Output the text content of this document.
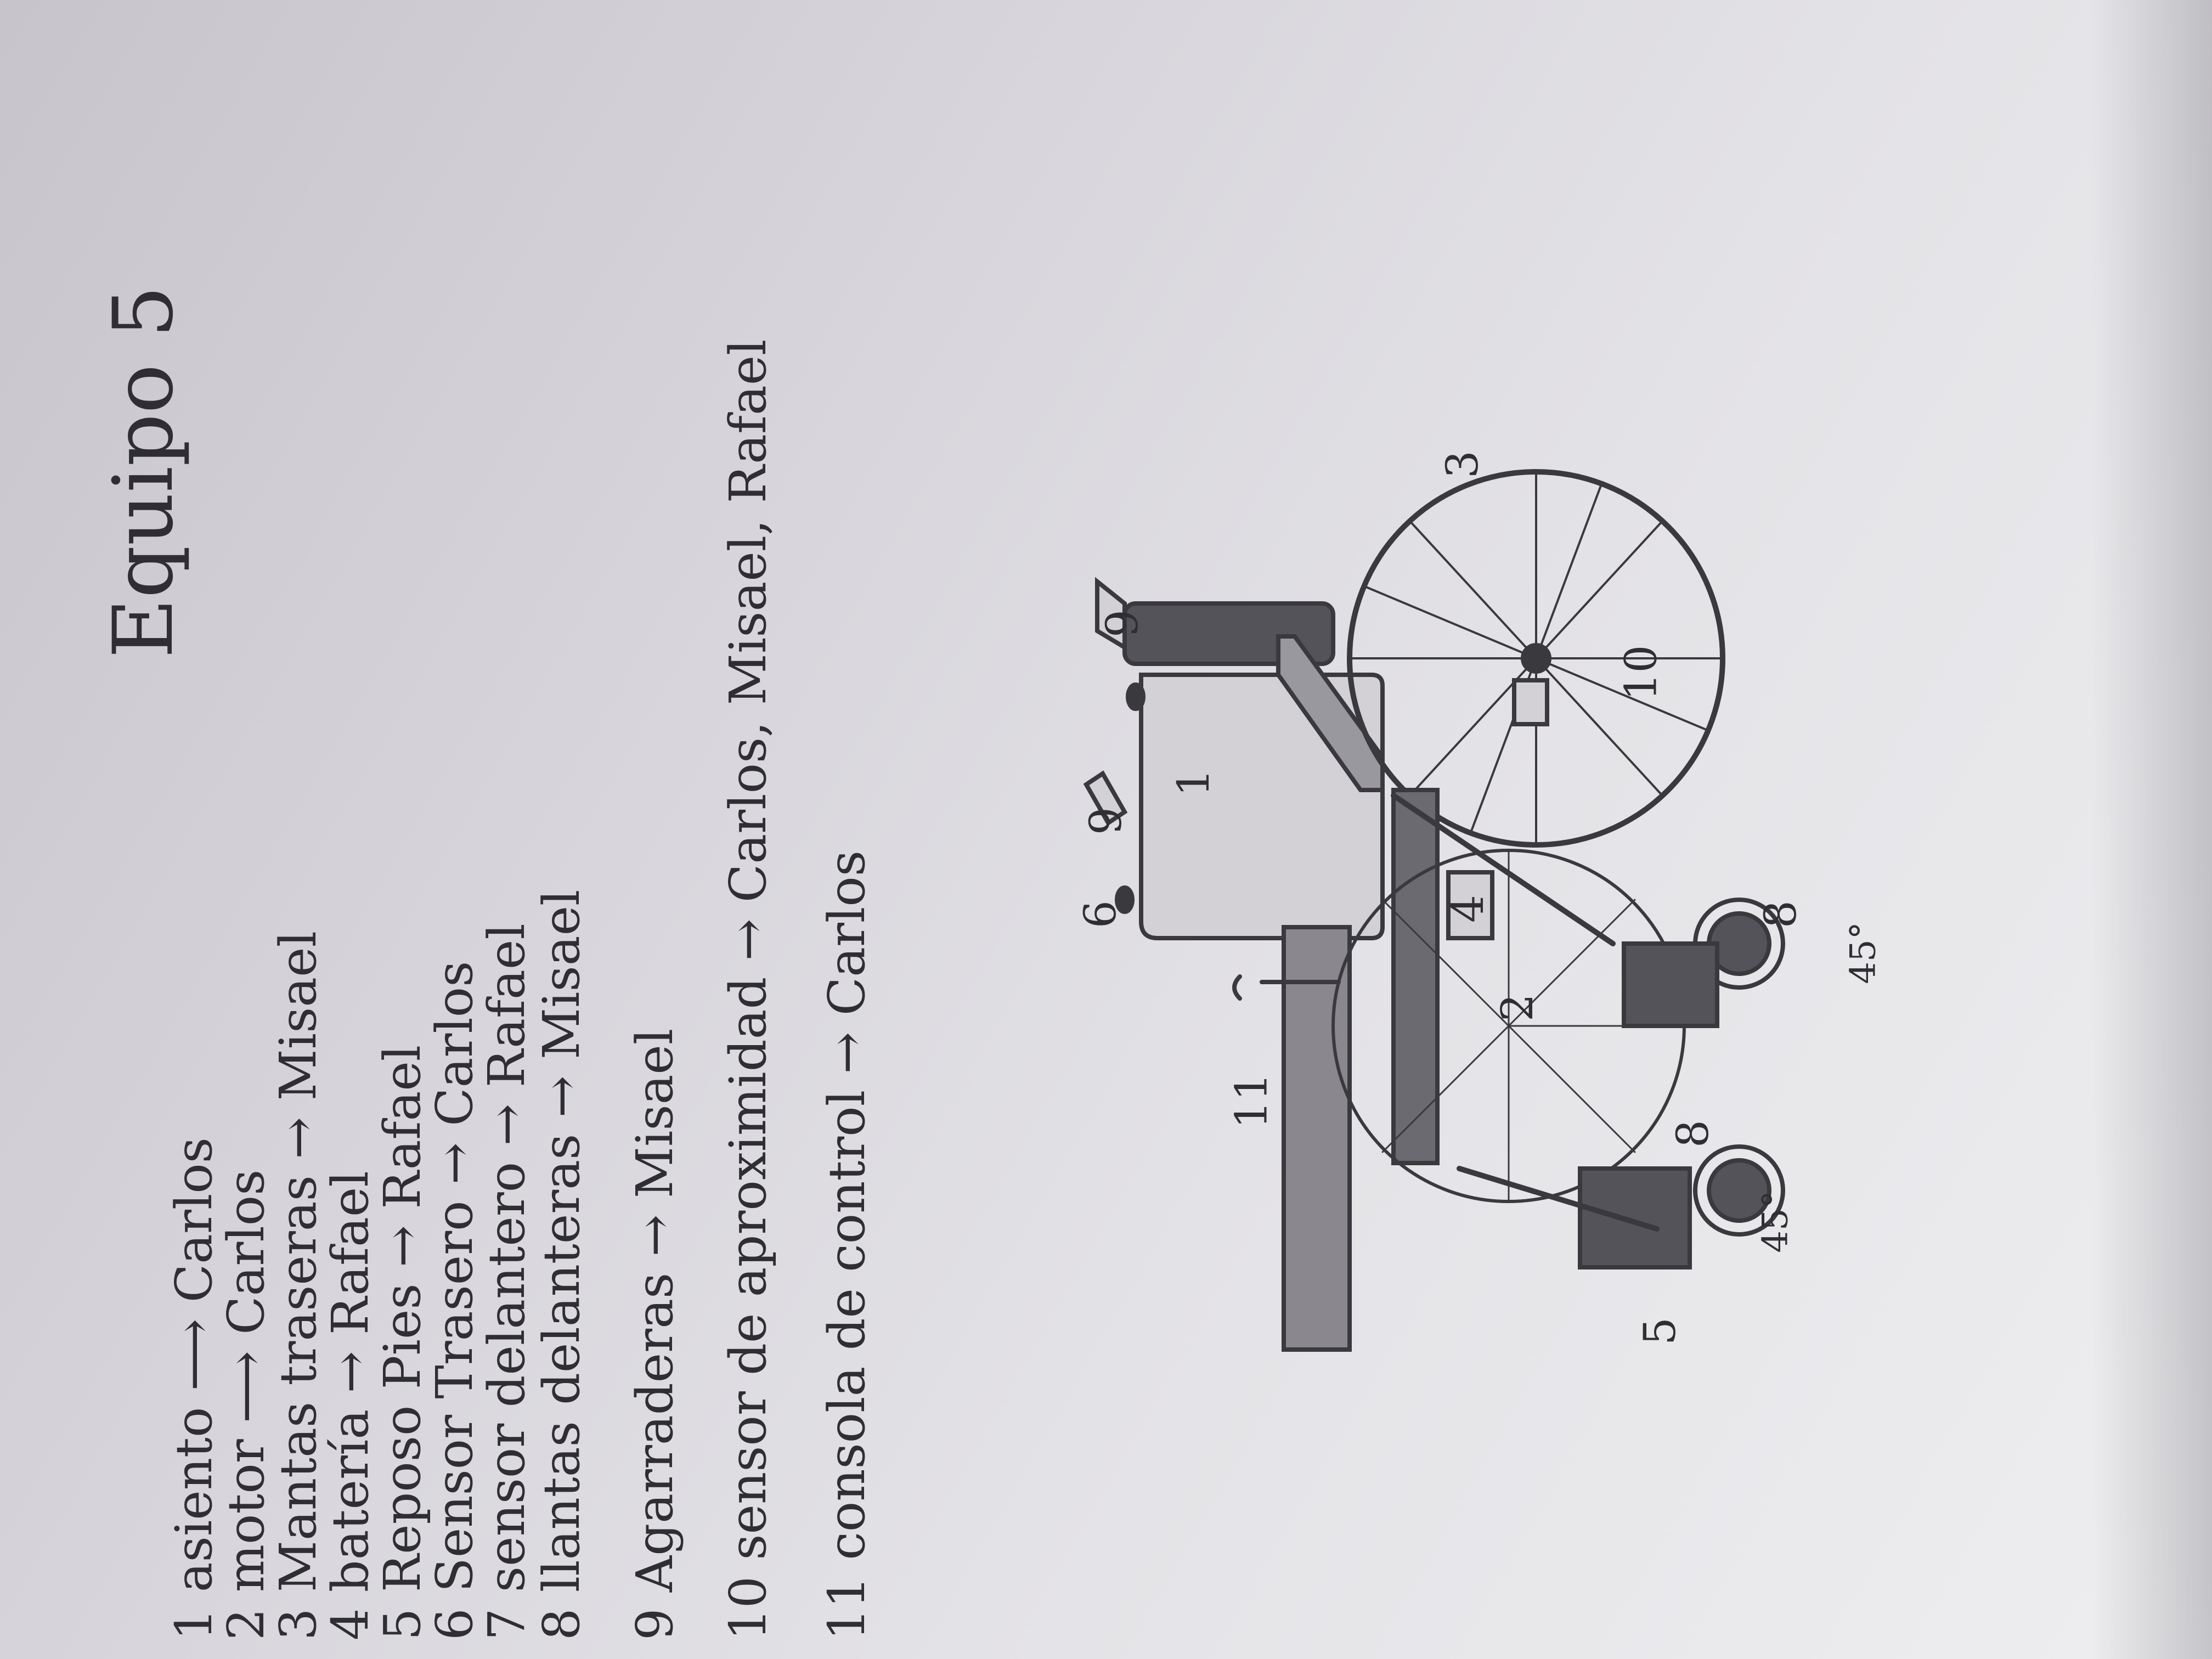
Equipo 5
1 asiento ⟶ Carlos
2 motor ⟶ Carlos
3 Mantas traseras → Misael
4 batería → Rafael
5 Reposo Pies → Rafael
6 Sensor Trasero → Carlos
7 sensor delantero → Rafael
8 llantas delanteras → Misael
9 Agarraderas → Misael
10 sensor de aproximidad → Carlos, Misael, Rafael
11 consola de control → Carlos
1
2
3
4
5
6	8
8
9
9
10
11
45°
45°
